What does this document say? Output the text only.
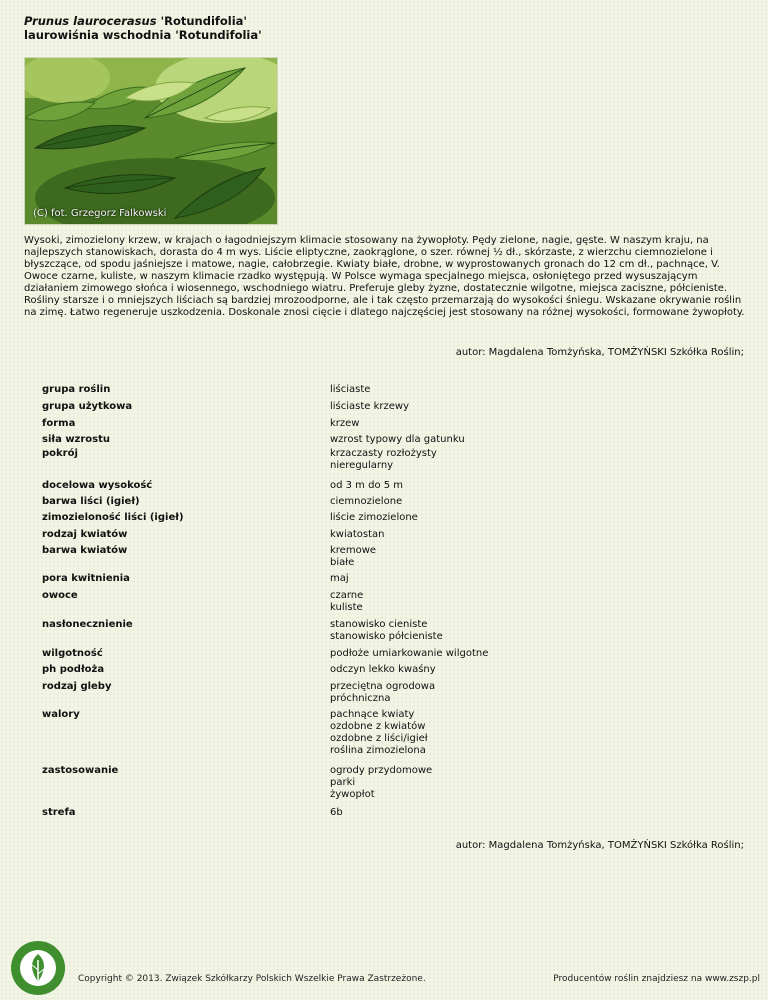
Prunus laurocerasus 'Rotundifolia'
laurowiśnia wschodnia 'Rotundifolia'
(C) fot. Grzegorz Falkowski
Wysoki, zimozielony krzew, w krajach o łagodniejszym klimacie stosowany na żywopłoty. Pędy zielone, nagie, gęste. W naszym kraju, na najlepszych stanowiskach, dorasta do 4 m wys. Liście eliptyczne, zaokrąglone, o szer. równej ½ dł., skórzaste, z wierzchu ciemnozielone i błyszczące, od spodu jaśniejsze i matowe, nagie, całobrzegie. Kwiaty białe, drobne, w wyprostowanych gronach do 12 cm dł., pachnące, V. Owoce czarne, kuliste, w naszym klimacie rzadko występują. W Polsce wymaga specjalnego miejsca, osłoniętego przed wysuszającym działaniem zimowego słońca i wiosennego, wschodniego wiatru. Preferuje gleby żyzne, dostatecznie wilgotne, miejsca zaciszne, półcieniste. Rośliny starsze i o mniejszych liściach są bardziej mrozoodporne, ale i tak często przemarzają do wysokości śniegu. Wskazane okrywanie roślin na zimę. Łatwo regeneruje uszkodzenia. Doskonale znosi cięcie i dlatego najczęściej jest stosowany na różnej wysokości, formowane żywopłoty.
autor: Magdalena Tomżyńska, TOMŻYŃSKI Szkółka Roślin;
grupa roślin	liściaste
grupa użytkowa	liściaste krzewy
forma	krzew
siła wzrostu	wzrost typowy dla gatunku
pokrój	krzaczasty rozłożysty
nieregularny
docelowa wysokość	od 3 m do 5 m
barwa liści (igieł)	ciemnozielone
zimozieloność liści (igieł)	liście zimozielone
rodzaj kwiatów	kwiatostan
barwa kwiatów	kremowe
białe
pora kwitnienia	maj
owoce	czarne
kuliste
nasłonecznienie	stanowisko cieniste
stanowisko półcieniste
wilgotność	podłoże umiarkowanie wilgotne
ph podłoża	odczyn lekko kwaśny
rodzaj gleby	przeciętna ogrodowa
próchniczna
walory	pachnące kwiaty
ozdobne z kwiatów
ozdobne z liści/igieł
roślina zimozielona
zastosowanie	ogrody przydomowe
parki
żywopłot
strefa	6b
autor: Magdalena Tomżyńska, TOMŻYŃSKI Szkółka Roślin;
Copyright © 2013. Związek Szkółkarzy Polskich Wszelkie Prawa Zastrzeżone.	Producentów roślin znajdziesz na www.zszp.pl
